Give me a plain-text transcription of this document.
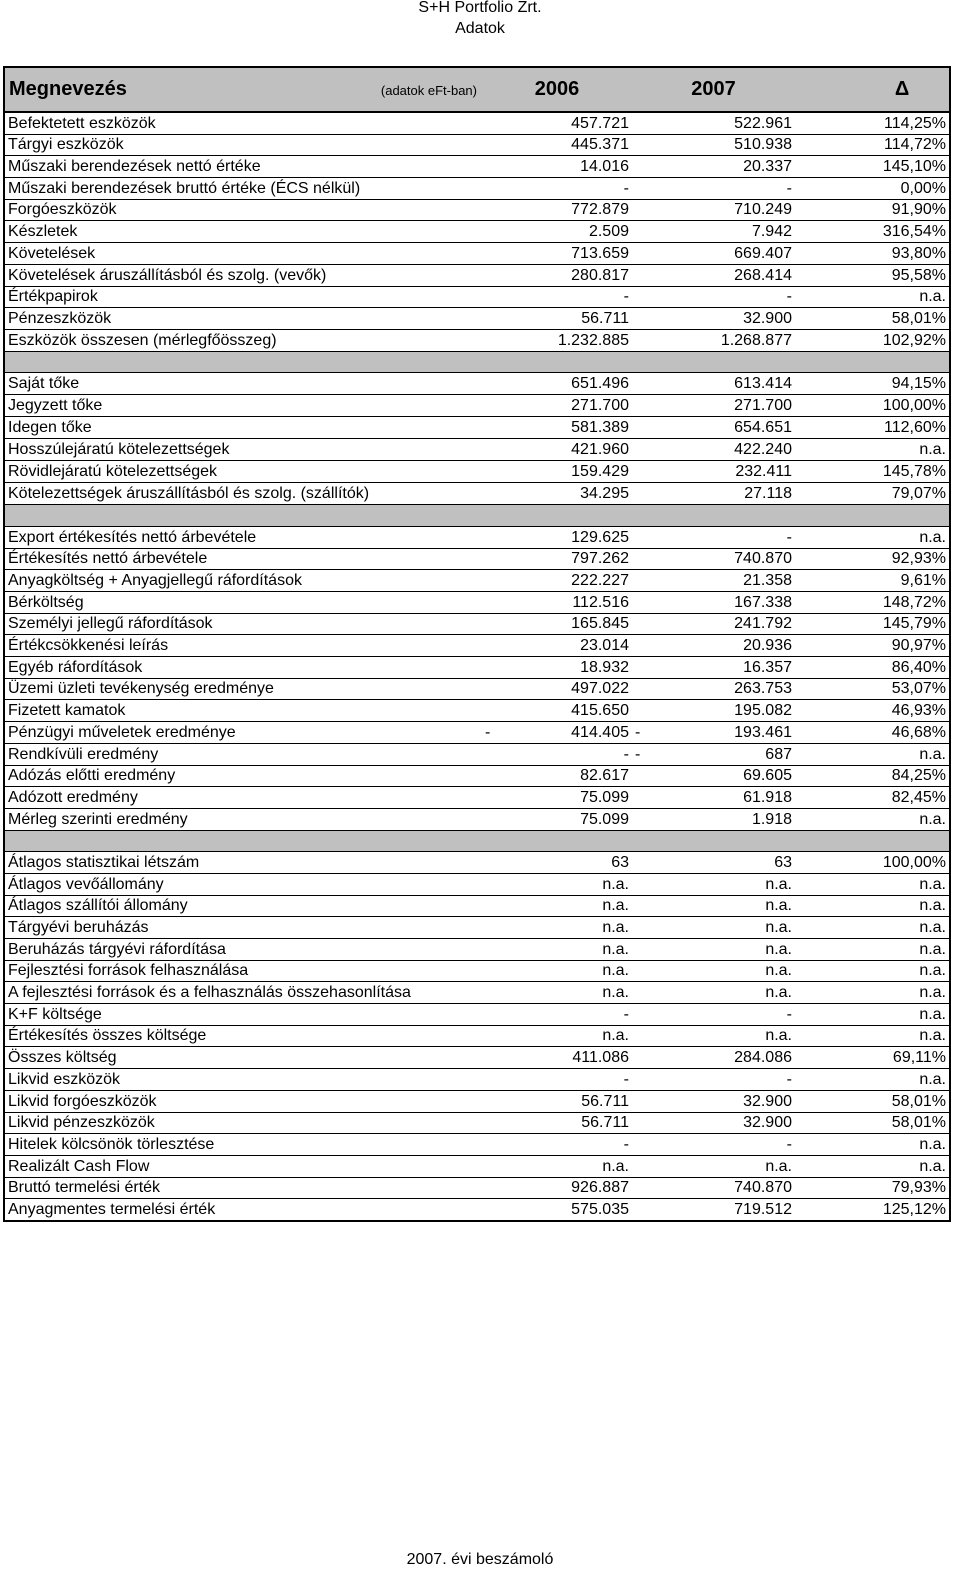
S+H Portfolio Zrt.
Adatok
Megnevezés (adatok eFt-ban)	2006	2007	Δ
Befektetett eszközök	457.721	522.961	114,25%
Tárgyi eszközök	445.371	510.938	114,72%
Műszaki berendezések nettó értéke	14.016	20.337	145,10%
Műszaki berendezések bruttó értéke (ÉCS nélkül)	-	-	0,00%
Forgóeszközök	772.879	710.249	91,90%
Készletek	2.509	7.942	316,54%
Követelések	713.659	669.407	93,80%
Követelések áruszállításból és szolg. (vevők)	280.817	268.414	95,58%
Értékpapirok	-	-	n.a.
Pénzeszközök	56.711	32.900	58,01%
Eszközök összesen (mérlegfőösszeg)	1.232.885	1.268.877	102,92%

Saját tőke	651.496	613.414	94,15%
Jegyzett tőke	271.700	271.700	100,00%
Idegen tőke	581.389	654.651	112,60%
Hosszúlejáratú kötelezettségek	421.960	422.240	n.a.
Rövidlejáratú kötelezettségek	159.429	232.411	145,78%
Kötelezettségek áruszállításból és szolg. (szállítók)	34.295	27.118	79,07%

Export értékesítés nettó árbevétele	129.625	-	n.a.
Értékesítés nettó árbevétele	797.262	740.870	92,93%
Anyagköltség + Anyagjellegű ráfordítások	222.227	21.358	9,61%
Bérköltség	112.516	167.338	148,72%
Személyi jellegű ráfordítások	165.845	241.792	145,79%
Értékcsökkenési leírás	23.014	20.936	90,97%
Egyéb ráfordítások	18.932	16.357	86,40%
Üzemi üzleti tevékenység eredménye	497.022	263.753	53,07%
Fizetett kamatok	415.650	195.082	46,93%
Pénzügyi műveletek eredménye	- 414.405	- 193.461	46,68%
Rendkívüli eredmény	-	- 687	n.a.
Adózás előtti eredmény	82.617	69.605	84,25%
Adózott eredmény	75.099	61.918	82,45%
Mérleg szerinti eredmény	75.099	1.918	n.a.

Átlagos statisztikai létszám	63	63	100,00%
Átlagos vevőállomány	n.a.	n.a.	n.a.
Átlagos szállítói állomány	n.a.	n.a.	n.a.
Tárgyévi beruházás	n.a.	n.a.	n.a.
Beruházás tárgyévi ráfordítása	n.a.	n.a.	n.a.
Fejlesztési források felhasználása	n.a.	n.a.	n.a.
A fejlesztési források és a felhasználás összehasonlítása	n.a.	n.a.	n.a.
K+F költsége	-	-	n.a.
Értékesítés összes költsége	n.a.	n.a.	n.a.
Összes költség	411.086	284.086	69,11%
Likvid eszközök	-	-	n.a.
Likvid forgóeszközök	56.711	32.900	58,01%
Likvid pénzeszközök	56.711	32.900	58,01%
Hitelek kölcsönök törlesztése	-	-	n.a.
Realizált Cash Flow	n.a.	n.a.	n.a.
Bruttó termelési érték	926.887	740.870	79,93%
Anyagmentes termelési érték	575.035	719.512	125,12%
2007. évi beszámoló
